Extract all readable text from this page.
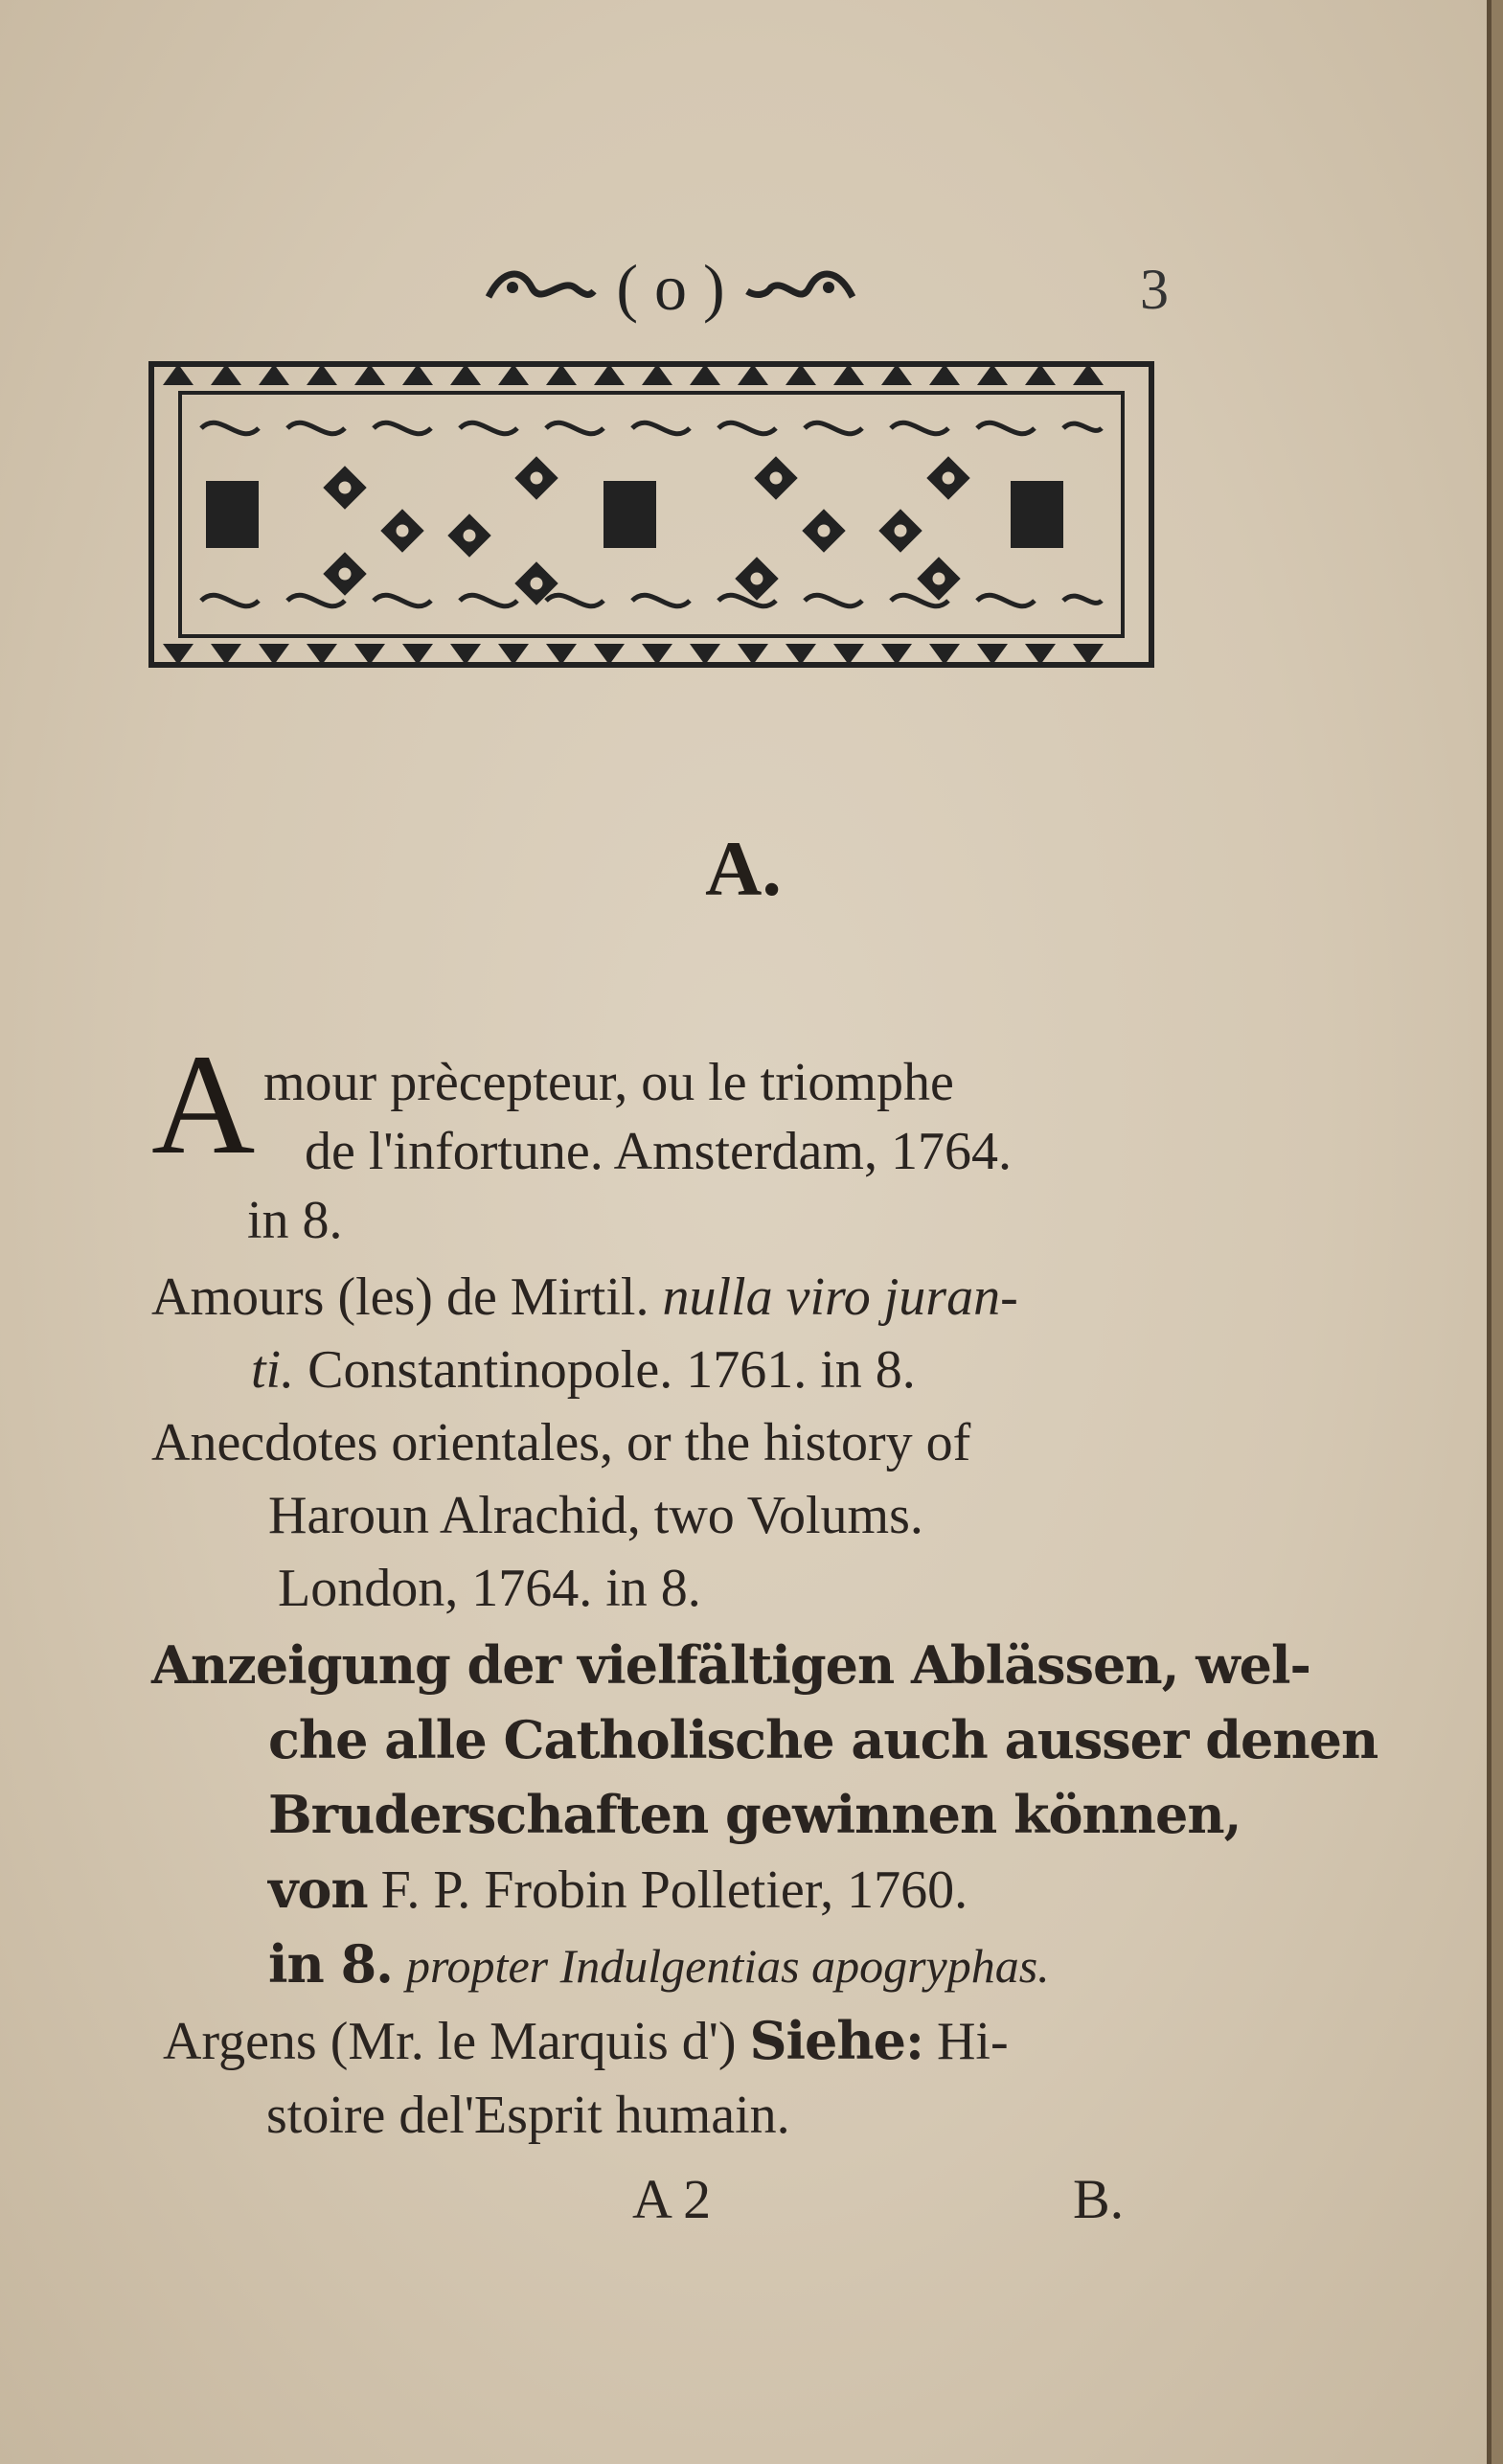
( o )	3
A.
A mour prècepteur, ou le triomphe
de l'infortune. Amsterdam, 1764.
in 8.
Amours (les) de Mirtil. nulla viro juran-
ti. Constantinopole. 1761. in 8.
Anecdotes orientales, or the history of
Haroun Alrachid, two Volums.
London, 1764. in 8.
Anzeigung der vielfältigen Ablässen, wel-
che alle Catholische auch ausser denen
Bruderschaften gewinnen können,
von F. P. Frobin Polletier, 1760.
in 8. propter Indulgentias apogryphas.
Argens (Mr. le Marquis d') Siehe: Hi-
stoire del'Esprit humain.
A 2	B.
